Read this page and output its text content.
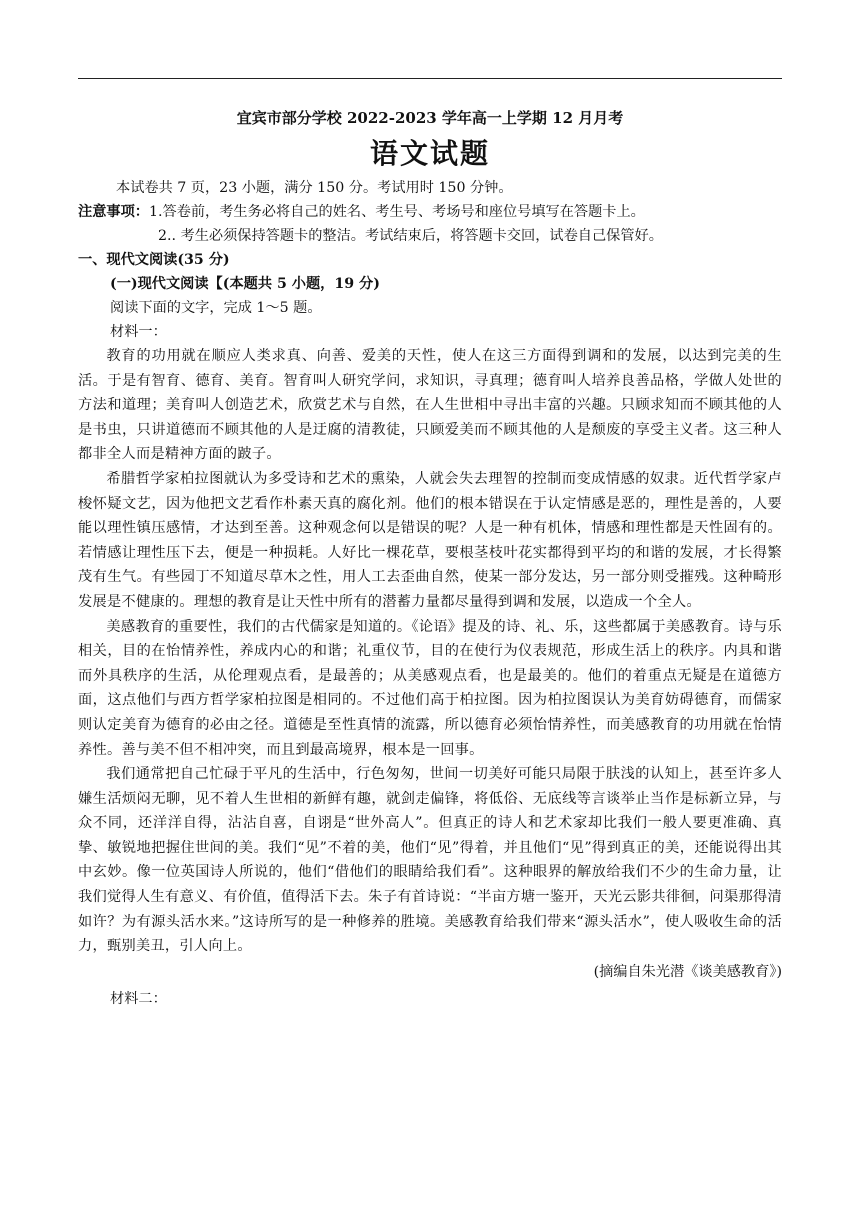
宜宾市部分学校 2022-2023 学年高一上学期 12 月月考
语文试题
本试卷共 7 页，23 小题，满分 150 分。考试用时 150 分钟。
注意事项：1.答卷前，考生务必将自己的姓名、考生号、考场号和座位号填写在答题卡上。
2.. 考生必须保持答题卡的整洁。考试结束后，将答题卡交回，试卷自己保管好。
一、现代文阅读(35 分)
(一)现代文阅读【(本题共 5 小题，19 分)
阅读下面的文字，完成 1～5 题。
材料一：

教育的功用就在顺应人类求真、向善、爱美的天性，使人在这三方面得到调和的发展，以达到完美的生活。于是有智育、德育、美育。智育叫人研究学问，求知识，寻真理；德育叫人培养良善品格，学做人处世的方法和道理；美育叫人创造艺术，欣赏艺术与自然，在人生世相中寻出丰富的兴趣。只顾求知而不顾其他的人是书虫，只讲道德而不顾其他的人是迂腐的清教徒，只顾爱美而不顾其他的人是颓废的享受主义者。这三种人都非全人而是精神方面的跛子。

希腊哲学家柏拉图就认为多受诗和艺术的熏染，人就会失去理智的控制而变成情感的奴隶。近代哲学家卢梭怀疑文艺，因为他把文艺看作朴素天真的腐化剂。他们的根本错误在于认定情感是恶的，理性是善的，人要能以理性镇压感情，才达到至善。这种观念何以是错误的呢？人是一种有机体，情感和理性都是天性固有的。若情感让理性压下去，便是一种损耗。人好比一棵花草，要根茎枝叶花实都得到平均的和谐的发展，才长得繁茂有生气。有些园丁不知道尽草木之性，用人工去歪曲自然，使某一部分发达，另一部分则受摧残。这种畸形发展是不健康的。理想的教育是让天性中所有的潜蓄力量都尽量得到调和发展，以造成一个全人。

美感教育的重要性，我们的古代儒家是知道的。《论语》提及的诗、礼、乐，这些都属于美感教育。诗与乐相关，目的在怡情养性，养成内心的和谐；礼重仪节，目的在使行为仪表规范，形成生活上的秩序。内具和谐而外具秩序的生活，从伦理观点看，是最善的；从美感观点看，也是最美的。他们的着重点无疑是在道德方面，这点他们与西方哲学家柏拉图是相同的。不过他们高于柏拉图。因为柏拉图误认为美育妨碍德育，而儒家则认定美育为德育的必由之径。道德是至性真情的流露，所以德育必须怡情养性，而美感教育的功用就在怡情养性。善与美不但不相冲突，而且到最高境界，根本是一回事。

我们通常把自己忙碌于平凡的生活中，行色匆匆，世间一切美好可能只局限于肤浅的认知上，甚至许多人嫌生活烦闷无聊，见不着人生世相的新鲜有趣，就剑走偏锋，将低俗、无底线等言谈举止当作是标新立异，与众不同，还洋洋自得，沾沾自喜，自诩是“世外高人”。但真正的诗人和艺术家却比我们一般人要更准确、真挚、敏锐地把握住世间的美。我们“见”不着的美，他们“见”得着，并且他们“见”得到真正的美，还能说得出其中玄妙。像一位英国诗人所说的，他们“借他们的眼睛给我们看”。这种眼界的解放给我们不少的生命力量，让我们觉得人生有意义、有价值，值得活下去。朱子有首诗说：“半亩方塘一鉴开，天光云影共徘徊，问渠那得清如许？为有源头活水来。”这诗所写的是一种修养的胜境。美感教育给我们带来“源头活水”，使人吸收生命的活力，甄别美丑，引人向上。

(摘编自朱光潜《谈美感教育》)
材料二：
